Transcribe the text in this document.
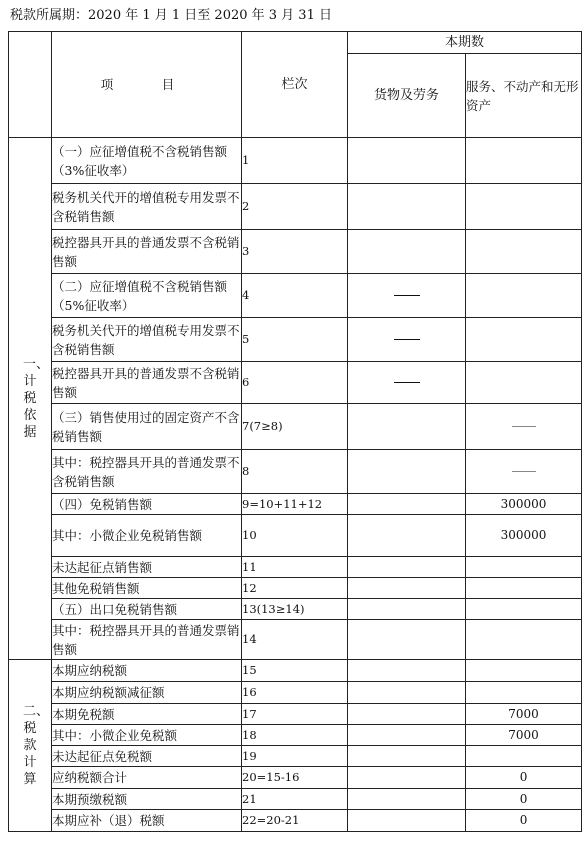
税款所属期：2020 年 1 月 1 日至 2020 年 3 月 31 日
	项　目	栏次	本期数	
			货物及劳务	服务、不动产和无形资产
一、计税依据	（一）应征增值税不含税销售额（3%征收率）	1		
	税务机关代开的增值税专用发票不含税销售额	2		
	税控器具开具的普通发票不含税销售额	3		
	（二）应征增值税不含税销售额（5%征收率）	4		
	税务机关代开的增值税专用发票不含税销售额	5		
	税控器具开具的普通发票不含税销售额	6		
	（三）销售使用过的固定资产不含税销售额	7(7≥8)		
	其中：税控器具开具的普通发票不含税销售额	8		
	（四）免税销售额	9=10+11+12		300000
	其中：小微企业免税销售额	10		300000
	未达起征点销售额	11		
	其他免税销售额	12		
	（五）出口免税销售额	13(13≥14)		
	其中：税控器具开具的普通发票销售额	14		
二、税款计算	本期应纳税额	15		
	本期应纳税额减征额	16		
	本期免税额	17		7000
	其中：小微企业免税额	18		7000
	未达起征点免税额	19		
	应纳税额合计	20=15-16		0
	本期预缴税额	21		0
	本期应补（退）税额	22=20-21		0
